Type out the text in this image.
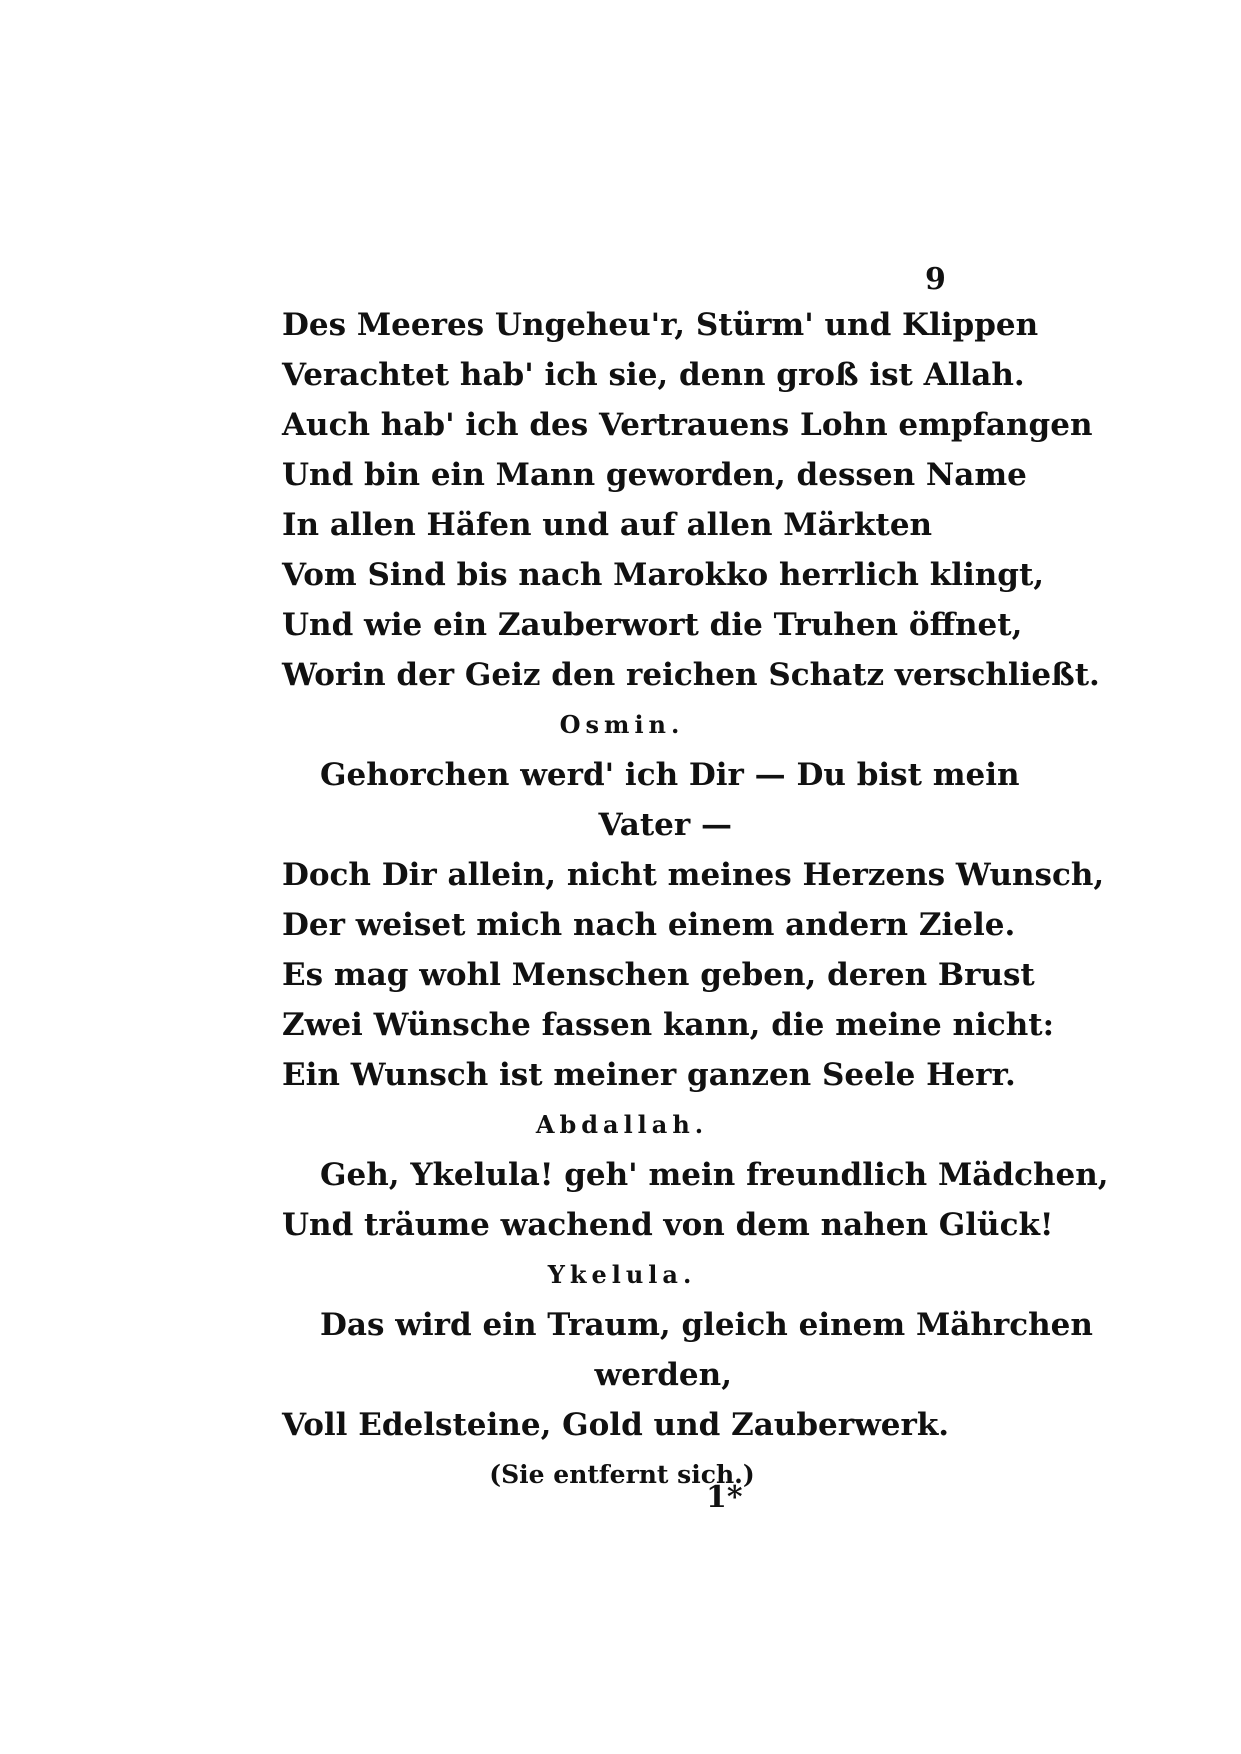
9
Des Meeres Ungeheu'r, Stürm' und Klippen
Verachtet hab' ich sie, denn groß ist Allah.
Auch hab' ich des Vertrauens Lohn empfangen
Und bin ein Mann geworden, dessen Name
In allen Häfen und auf allen Märkten
Vom Sind bis nach Marokko herrlich klingt,
Und wie ein Zauberwort die Truhen öffnet,
Worin der Geiz den reichen Schatz verschließt.
Osmin.
Gehorchen werd' ich Dir — Du bist mein
Vater —
Doch Dir allein, nicht meines Herzens Wunsch,
Der weiset mich nach einem andern Ziele.
Es mag wohl Menschen geben, deren Brust
Zwei Wünsche fassen kann, die meine nicht:
Ein Wunsch ist meiner ganzen Seele Herr.
Abdallah.
Geh, Ykelula! geh' mein freundlich Mädchen,
Und träume wachend von dem nahen Glück!
Ykelula.
Das wird ein Traum, gleich einem Mährchen
werden,
Voll Edelsteine, Gold und Zauberwerk.
(Sie entfernt sich.)
1*
